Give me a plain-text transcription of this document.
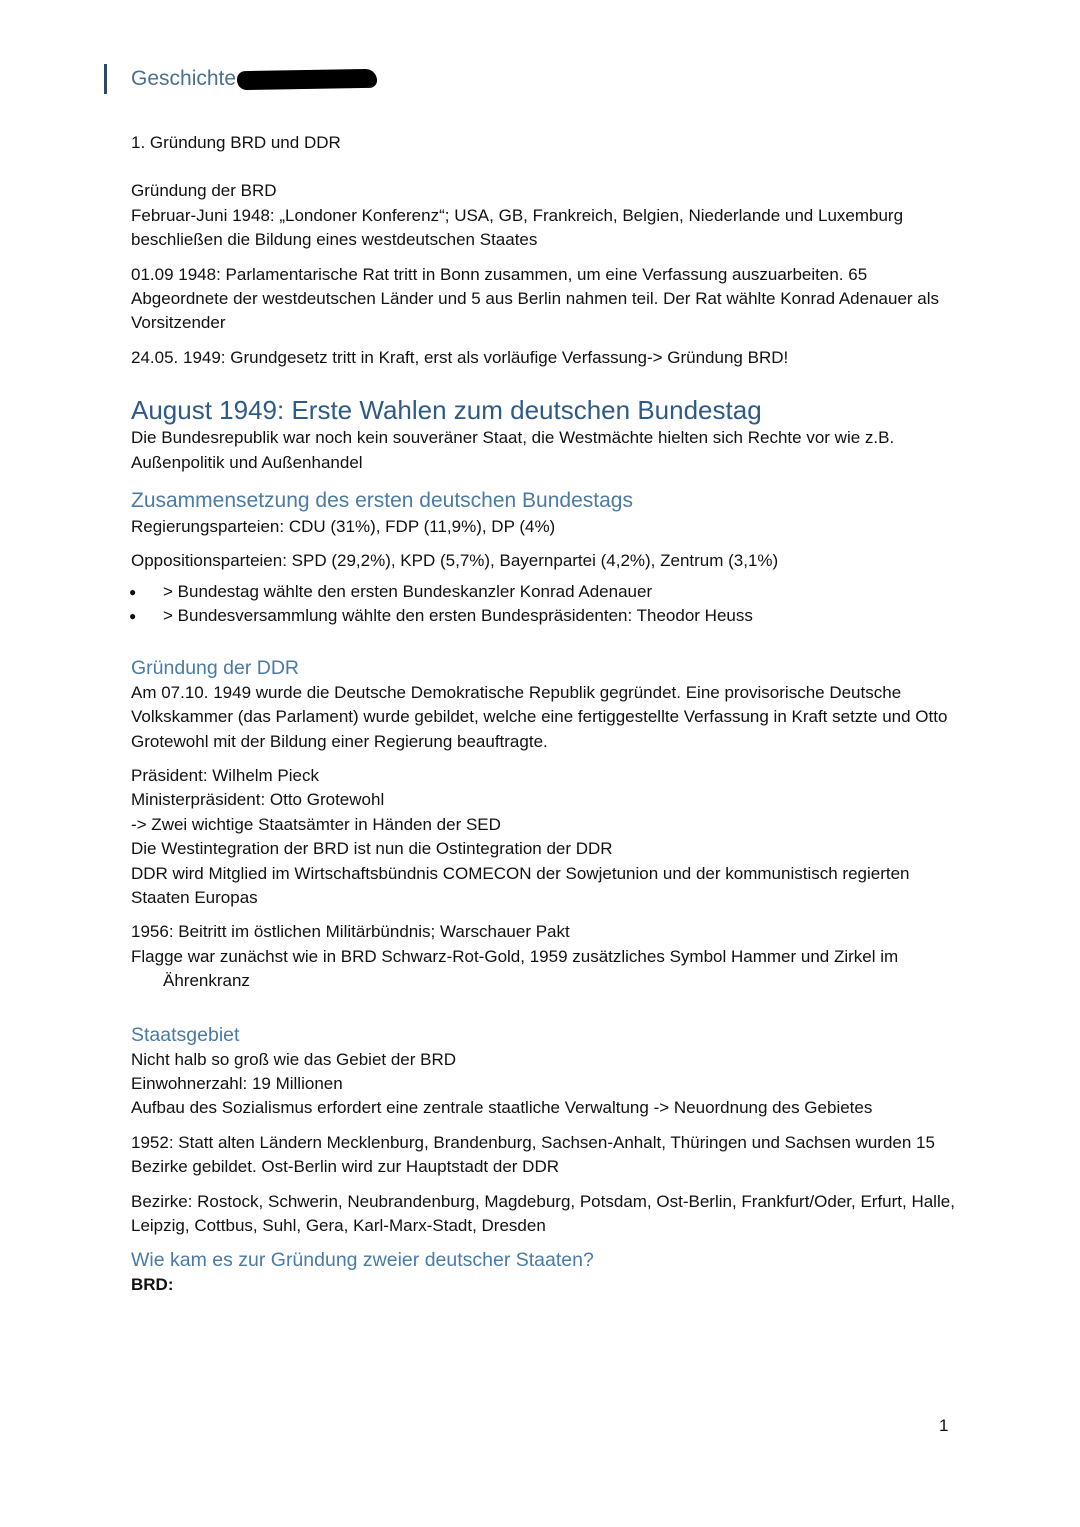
Geschichte

1. Gründung BRD und DDR

Gründung der BRD

Februar-Juni 1948: „Londoner Konferenz“; USA, GB, Frankreich, Belgien, Niederlande und Luxemburg beschließen die Bildung eines westdeutschen Staates

01.09 1948: Parlamentarische Rat tritt in Bonn zusammen, um eine Verfassung auszuarbeiten. 65 Abgeordnete der westdeutschen Länder und 5 aus Berlin nahmen teil. Der Rat wählte Konrad Adenauer als Vorsitzender

24.05. 1949: Grundgesetz tritt in Kraft, erst als vorläufige Verfassung-> Gründung BRD!

August 1949: Erste Wahlen zum deutschen Bundestag

Die Bundesrepublik war noch kein souveräner Staat, die Westmächte hielten sich Rechte vor wie z.B. Außenpolitik und Außenhandel

Zusammensetzung des ersten deutschen Bundestags

Regierungsparteien: CDU (31%), FDP (11,9%), DP (4%)

Oppositionsparteien: SPD (29,2%), KPD (5,7%), Bayernpartei (4,2%), Zentrum (3,1%)

● > Bundestag wählte den ersten Bundeskanzler Konrad Adenauer
● > Bundesversammlung wählte den ersten Bundespräsidenten: Theodor Heuss
Gründung der DDR

Am 07.10. 1949 wurde die Deutsche Demokratische Republik gegründet. Eine provisorische Deutsche Volkskammer (das Parlament) wurde gebildet, welche eine fertiggestellte Verfassung in Kraft setzte und Otto Grotewohl mit der Bildung einer Regierung beauftragte.

Präsident: Wilhelm Pieck

Ministerpräsident: Otto Grotewohl

-> Zwei wichtige Staatsämter in Händen der SED

Die Westintegration der BRD ist nun die Ostintegration der DDR

DDR wird Mitglied im Wirtschaftsbündnis COMECON der Sowjetunion und der kommunistisch regierten Staaten Europas

1956: Beitritt im östlichen Militärbündnis; Warschauer Pakt

Flagge war zunächst wie in BRD Schwarz-Rot-Gold, 1959 zusätzliches Symbol Hammer und Zirkel im Ährenkranz

Staatsgebiet

Nicht halb so groß wie das Gebiet der BRD

Einwohnerzahl: 19 Millionen

Aufbau des Sozialismus erfordert eine zentrale staatliche Verwaltung -> Neuordnung des Gebietes

1952: Statt alten Ländern Mecklenburg, Brandenburg, Sachsen-Anhalt, Thüringen und Sachsen wurden 15 Bezirke gebildet. Ost-Berlin wird zur Hauptstadt der DDR

Bezirke: Rostock, Schwerin, Neubrandenburg, Magdeburg, Potsdam, Ost-Berlin, Frankfurt/Oder, Erfurt, Halle, Leipzig, Cottbus, Suhl, Gera, Karl-Marx-Stadt, Dresden

Wie kam es zur Gründung zweier deutscher Staaten?

BRD:

1
